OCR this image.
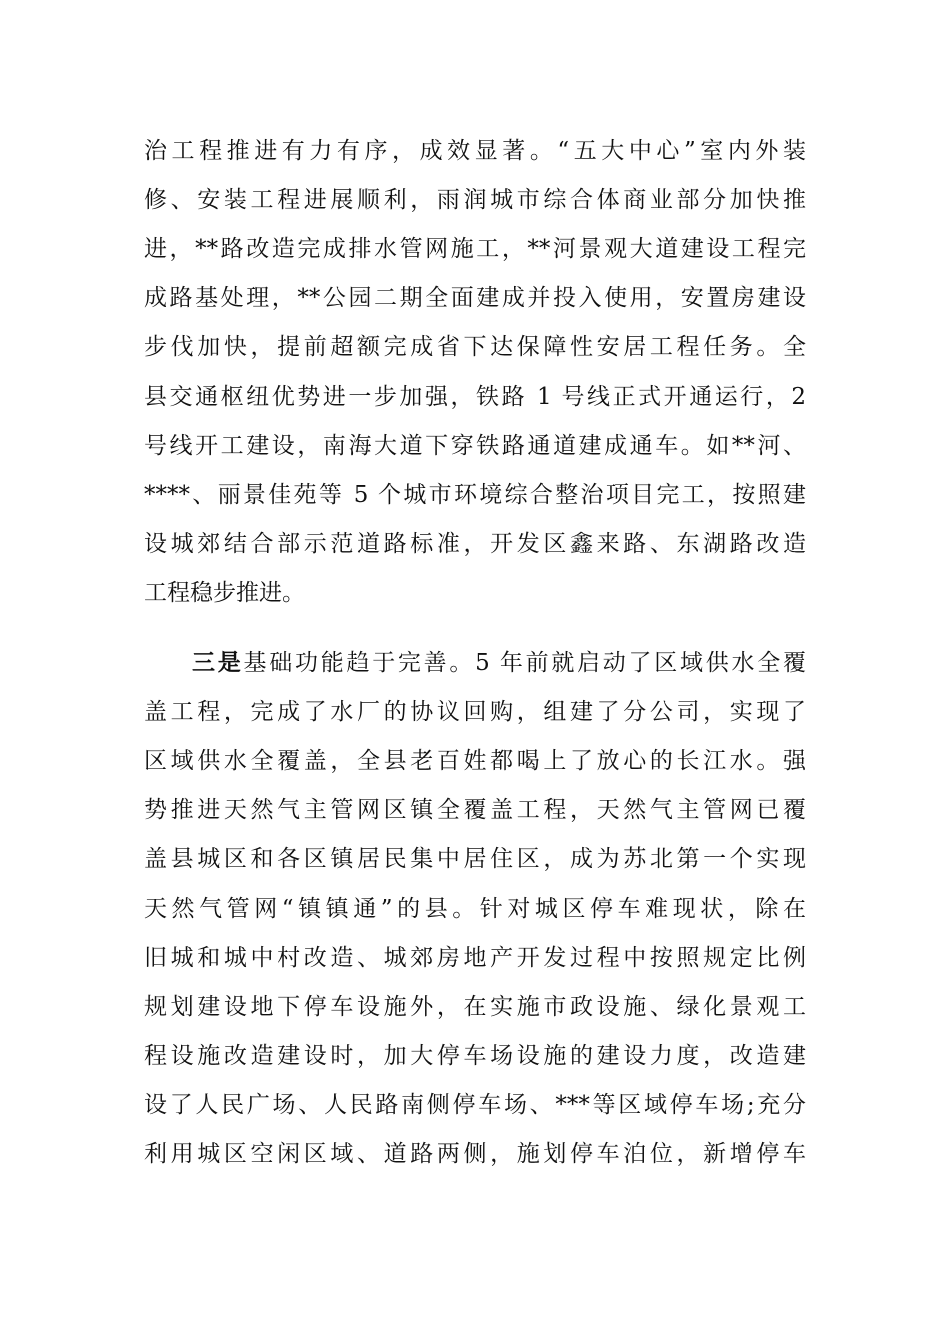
治工程推进有力有序，成效显著。“五大中心”室内外装
修、安装工程进展顺利，雨润城市综合体商业部分加快推
进，**路改造完成排水管网施工，**河景观大道建设工程完
成路基处理，**公园二期全面建成并投入使用，安置房建设
步伐加快，提前超额完成省下达保障性安居工程任务。全
县交通枢纽优势进一步加强，铁路 1 号线正式开通运行，2
号线开工建设，南海大道下穿铁路通道建成通车。如**河、
****、丽景佳苑等 5 个城市环境综合整治项目完工，按照建
设城郊结合部示范道路标准，开发区鑫来路、东湖路改造
工程稳步推进。
三是基础功能趋于完善。5 年前就启动了区域供水全覆
盖工程，完成了水厂的协议回购，组建了分公司，实现了
区域供水全覆盖，全县老百姓都喝上了放心的长江水。强
势推进天然气主管网区镇全覆盖工程，天然气主管网已覆
盖县城区和各区镇居民集中居住区，成为苏北第一个实现
天然气管网“镇镇通”的县。针对城区停车难现状，除在
旧城和城中村改造、城郊房地产开发过程中按照规定比例
规划建设地下停车设施外，在实施市政设施、绿化景观工
程设施改造建设时，加大停车场设施的建设力度，改造建
设了人民广场、人民路南侧停车场、***等区域停车场;充分
利用城区空闲区域、道路两侧，施划停车泊位，新增停车
